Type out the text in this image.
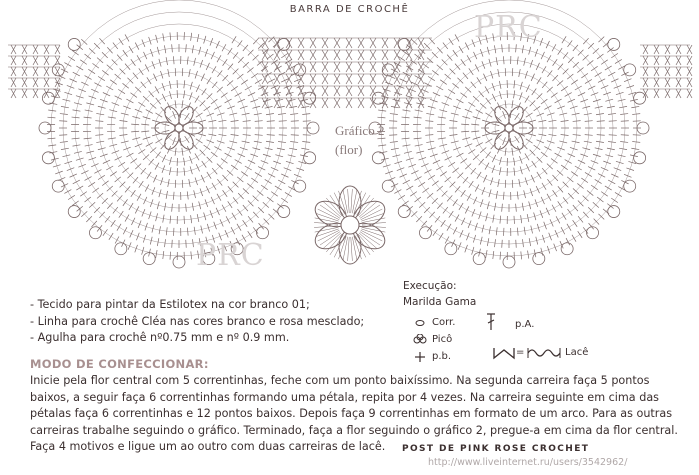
BARRA DE CROCHÊ
PRC
PRC
Gráfico 2
(flor)
Execução:
Marilda Gama
Corr.
Picô
p.b.
p.A.
=	Lacê
- Tecido para pintar da Estilotex na cor branco 01;
- Linha para crochê Cléa nas cores branco e rosa mesclado;
- Agulha para crochê nº0.75 mm e nº 0.9 mm.
MODO DE CONFECCIONAR:
Inicie pela flor central com 5 correntinhas, feche com um ponto baixíssimo. Na segunda carreira faça 5 pontos baixos, a seguir faça 6 correntinhas formando uma pétala, repita por 4 vezes. Na carreira seguinte em cima das pétalas faça 6 correntinhas e 12 pontos baixos. Depois faça 9 correntinhas em formato de um arco. Para as outras carreiras trabalhe seguindo o gráfico. Terminado, faça a flor seguindo o gráfico 2, pregue-a em cima da flor central. Faça 4 motivos e ligue um ao outro com duas carreiras de lacê.	POST DE PINK ROSE CROCHET
http://www.liveinternet.ru/users/3542962/
